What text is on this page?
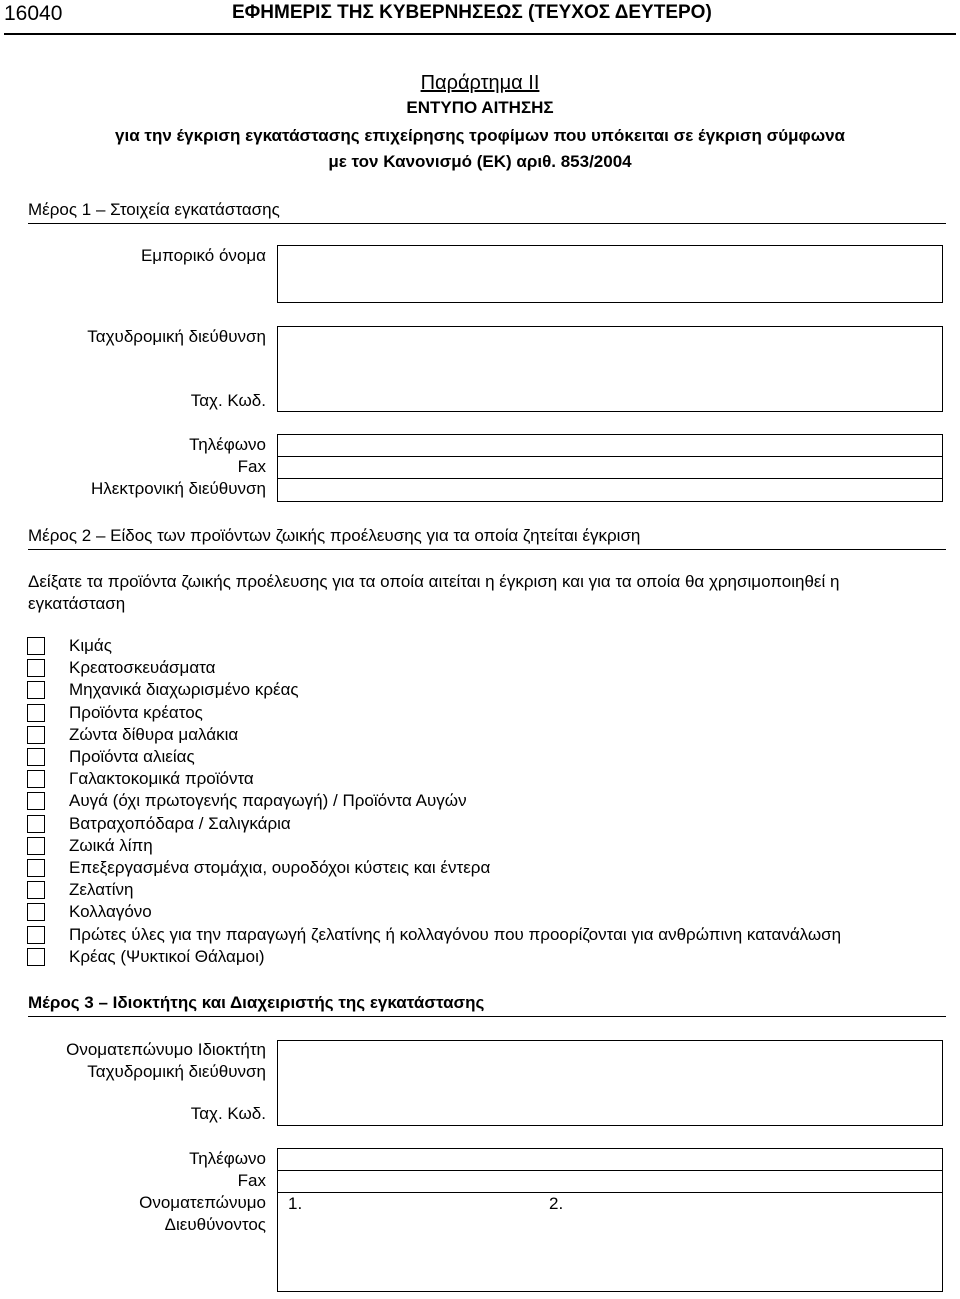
16040	ΕΦΗΜΕΡΙΣ ΤΗΣ ΚΥΒΕΡΝΗΣΕΩΣ (ΤΕΥΧΟΣ ΔΕΥΤΕΡΟ)
Παράρτημα ΙΙ
ΕΝΤΥΠΟ ΑΙΤΗΣΗΣ
για την έγκριση εγκατάστασης επιχείρησης τροφίμων που υπόκειται σε έγκριση σύμφωνα
με τον Κανονισμό (ΕΚ) αριθ. 853/2004
Μέρος 1 – Στοιχεία εγκατάστασης
Εμπορικό όνομα
Ταχυδρομική διεύθυνση
Ταχ. Κωδ.
Τηλέφωνο
Fax
Ηλεκτρονική διεύθυνση
Μέρος 2 – Είδος των προϊόντων ζωικής προέλευσης για τα οποία ζητείται έγκριση
Δείξατε τα προϊόντα ζωικής προέλευσης για τα οποία αιτείται η έγκριση και για τα οποία θα χρησιμοποιηθεί η εγκατάσταση
Κιμάς
Κρεατοσκευάσματα
Μηχανικά διαχωρισμένο κρέας
Προϊόντα κρέατος
Ζώντα δίθυρα μαλάκια
Προϊόντα αλιείας
Γαλακτοκομικά προϊόντα
Αυγά (όχι πρωτογενής παραγωγή) / Προϊόντα Αυγών
Βατραχοπόδαρα / Σαλιγκάρια
Ζωικά λίπη
Επεξεργασμένα στομάχια, ουροδόχοι κύστεις και έντερα
Ζελατίνη
Κολλαγόνο
Πρώτες ύλες για την παραγωγή ζελατίνης ή κολλαγόνου που προορίζονται για ανθρώπινη κατανάλωση
Κρέας (Ψυκτικοί Θάλαμοι)
Μέρος 3 – Ιδιοκτήτης και Διαχειριστής της εγκατάστασης
Ονοματεπώνυμο Ιδιοκτήτη
Ταχυδρομική διεύθυνση
Ταχ. Κωδ.
Τηλέφωνο
Fax
Ονοματεπώνυμο
Διευθύνοντος
1.	2.
